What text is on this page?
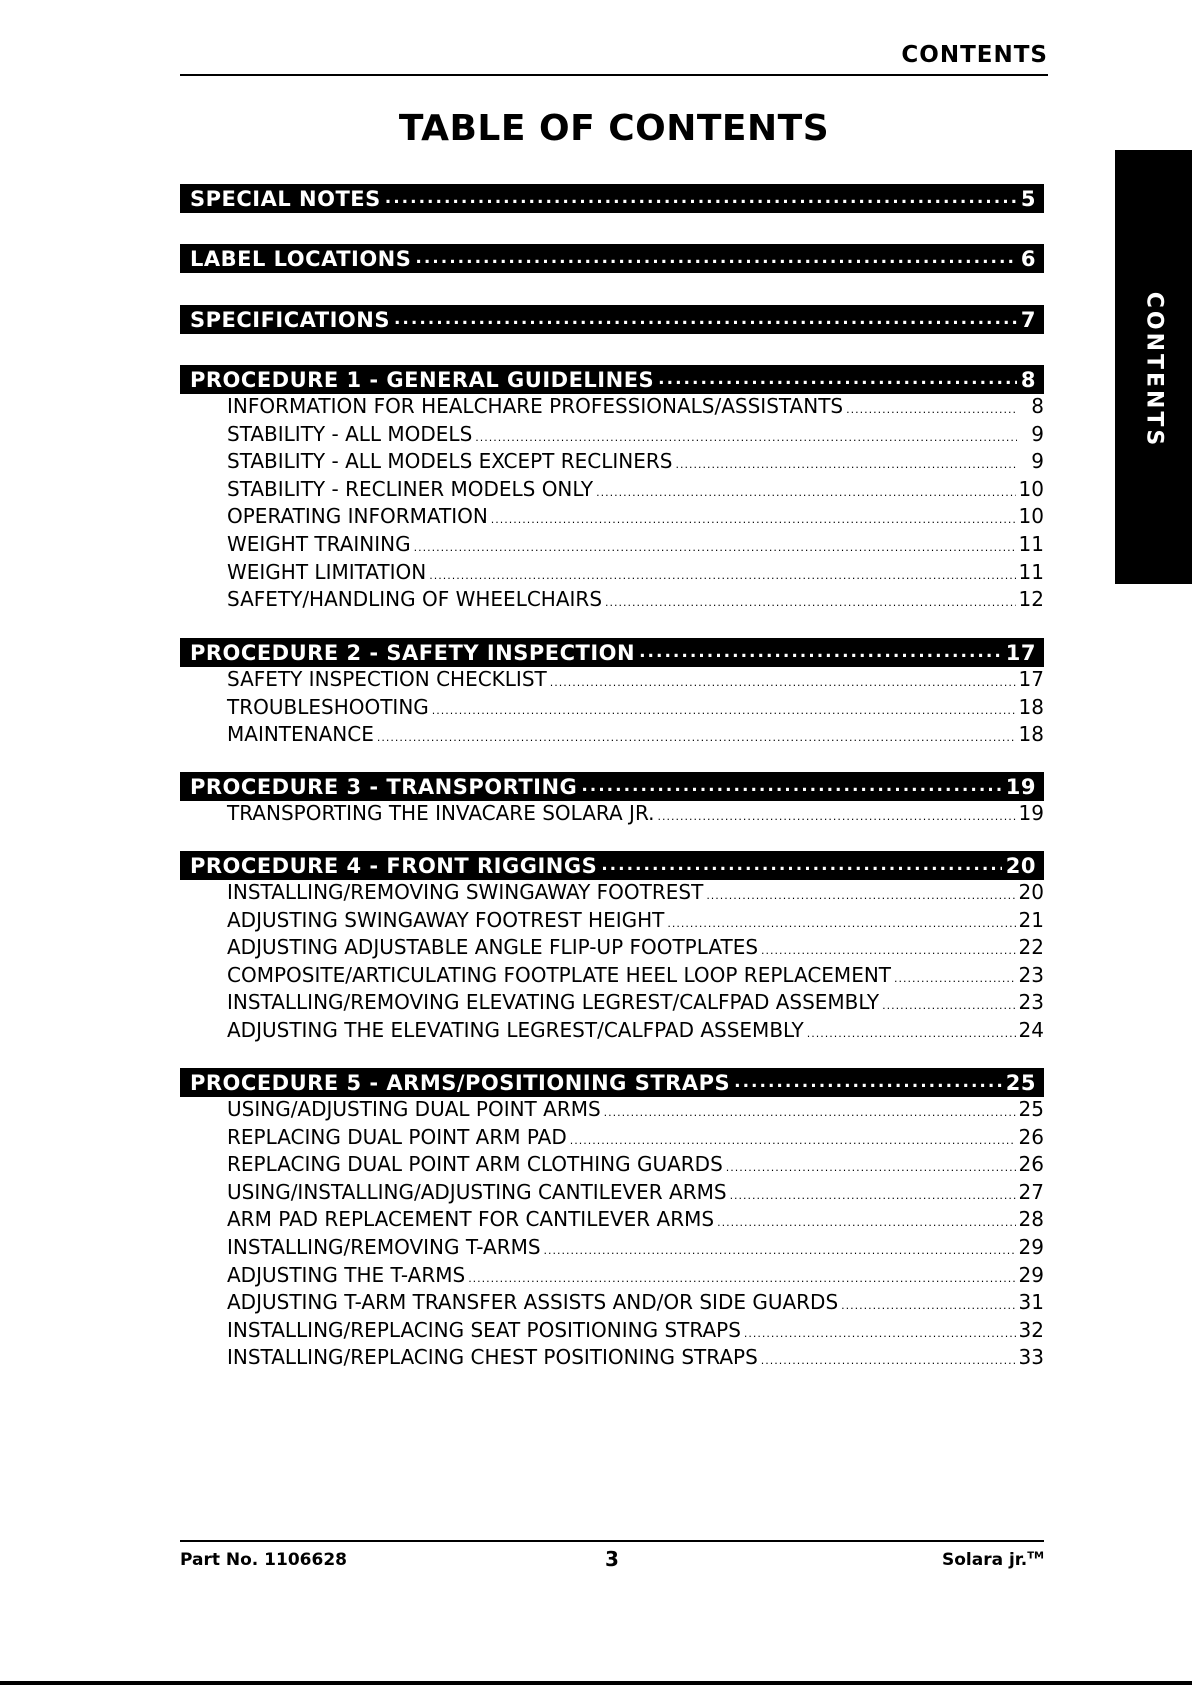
CONTENTS
TABLE OF CONTENTS
CONTENTS
SPECIAL NOTES .....	5
LABEL LOCATIONS .....	6
SPECIFICATIONS .....	7
PROCEDURE 1 - GENERAL GUIDELINES .....	8
INFORMATION FOR HEALCHARE PROFESSIONALS/ASSISTANTS .....	8
STABILITY - ALL MODELS .....	9
STABILITY - ALL MODELS EXCEPT RECLINERS .....	9
STABILITY - RECLINER MODELS ONLY .....	10
OPERATING INFORMATION .....	10
WEIGHT TRAINING .....	11
WEIGHT LIMITATION .....	11
SAFETY/HANDLING OF WHEELCHAIRS .....	12
PROCEDURE 2 - SAFETY INSPECTION .....	17
SAFETY INSPECTION CHECKLIST .....	17
TROUBLESHOOTING .....	18
MAINTENANCE .....	18
PROCEDURE 3 - TRANSPORTING .....	19
TRANSPORTING THE INVACARE SOLARA JR. .....	19
PROCEDURE 4 - FRONT RIGGINGS .....	20
INSTALLING/REMOVING SWINGAWAY FOOTREST .....	20
ADJUSTING SWINGAWAY FOOTREST HEIGHT .....	21
ADJUSTING ADJUSTABLE ANGLE FLIP-UP FOOTPLATES .....	22
COMPOSITE/ARTICULATING FOOTPLATE HEEL LOOP REPLACEMENT .....	23
INSTALLING/REMOVING ELEVATING LEGREST/CALFPAD ASSEMBLY .....	23
ADJUSTING THE ELEVATING LEGREST/CALFPAD ASSEMBLY .....	24
PROCEDURE 5 - ARMS/POSITIONING STRAPS .....	25
USING/ADJUSTING DUAL POINT ARMS .....	25
REPLACING DUAL POINT ARM PAD .....	26
REPLACING DUAL POINT ARM CLOTHING GUARDS .....	26
USING/INSTALLING/ADJUSTING CANTILEVER ARMS .....	27
ARM PAD REPLACEMENT FOR CANTILEVER ARMS .....	28
INSTALLING/REMOVING T-ARMS .....	29
ADJUSTING THE T-ARMS .....	29
ADJUSTING T-ARM TRANSFER ASSISTS AND/OR SIDE GUARDS .....	31
INSTALLING/REPLACING SEAT POSITIONING STRAPS .....	32
INSTALLING/REPLACING CHEST POSITIONING STRAPS .....	33
Part No. 1106628	3	Solara jr.™
